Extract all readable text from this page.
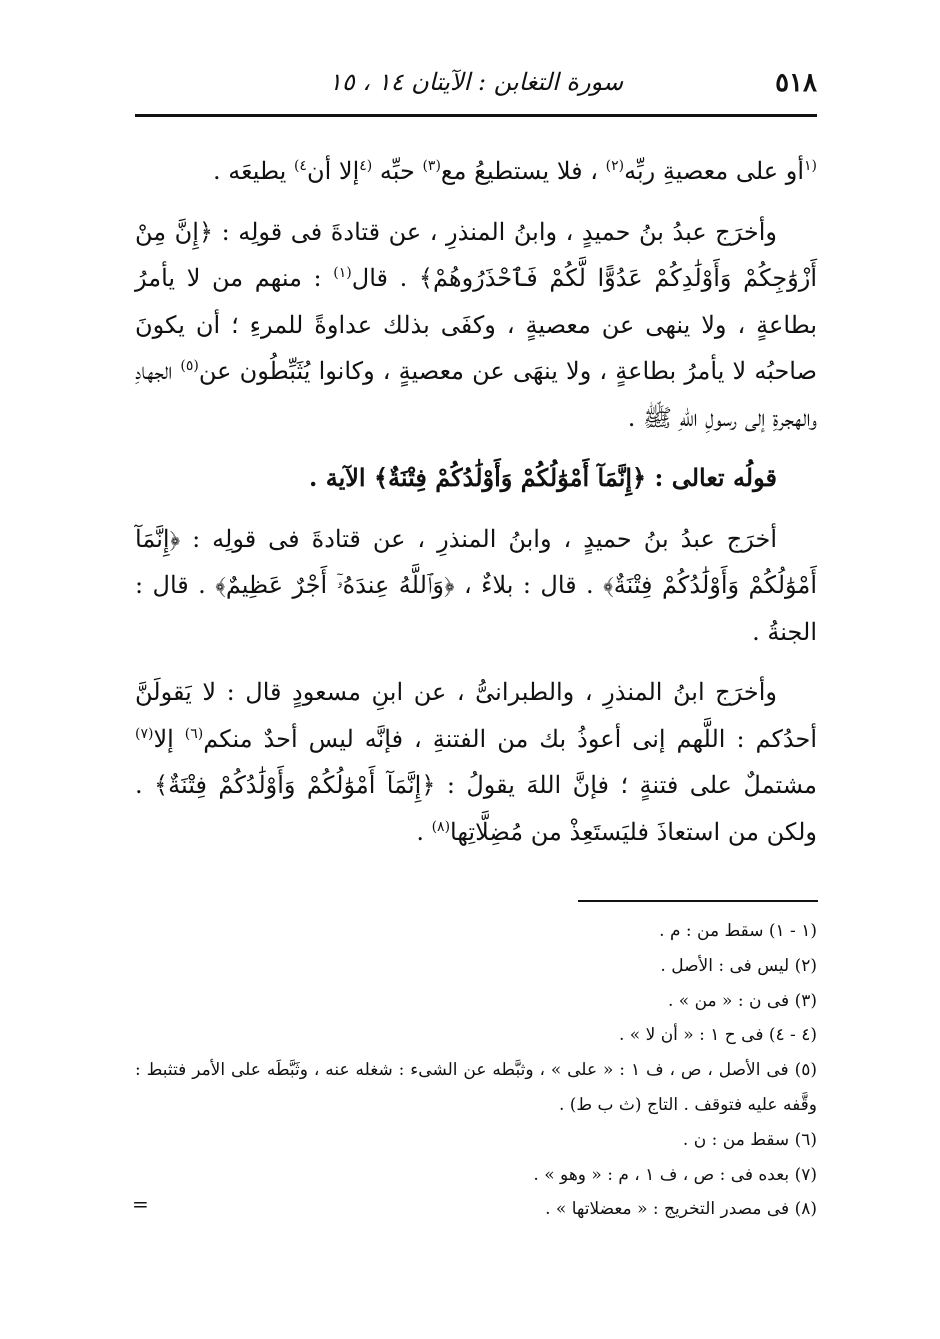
٥١٨
سورة التغابن : الآيتان ١٤ ، ١٥

$^{(١}$أو على معصيةِ ربِّه$^{(٢)}$ ، فلا يستطيعُ مع$^{(٣)}$ حبِّه $^{(٤}$إلا أن$^{٤)}$ يطيعَه .

وأخرَج عبدُ بنُ حميدٍ ، وابنُ المنذرِ ، عن قتادةَ فى قولِه : ﴿إِنَّ مِنْ أَزْوَٰجِكُمْ وَأَوْلَٰدِكُمْ عَدُوًّا لَّكُمْ فَٱحْذَرُوهُمْ﴾ . قال$^{(١)}$ : منهم من لا يأمرُ بطاعةٍ ، ولا ينهى عن معصيةٍ ، وكفَى بذلك عداوةً للمرءِ ؛ أن يكونَ صاحبُه لا يأمرُ بطاعةٍ ، ولا ينهَى عن معصيةٍ ، وكانوا يُثَبِّطُون عن$^{(٥)}$ الجهادِ والهجرةِ إلى رسولِ اللهِ ﷺ .

قولُه تعالى : ﴿إِنَّمَآ أَمْوَٰلُكُمْ وَأَوْلَٰدُكُمْ فِتْنَةٌ﴾ الآية .

أخرَج عبدُ بنُ حميدٍ ، وابنُ المنذرِ ، عن قتادةَ فى قولِه : ﴿إِنَّمَآ أَمْوَٰلُكُمْ وَأَوْلَٰدُكُمْ فِتْنَةٌ﴾ . قال : بلاءٌ ، ﴿وَٱللَّهُ عِندَهُۥٓ أَجْرٌ عَظِيمٌ﴾ . قال : الجنةُ .

وأخرَج ابنُ المنذرِ ، والطبرانىُّ ، عن ابنِ مسعودٍ قال : لا يَقولَنَّ أحدُكم : اللَّهم إنى أعوذُ بك من الفتنةِ ، فإنَّه ليس أحدٌ منكم$^{(٦)}$ إلا$^{(٧)}$ مشتملٌ على فتنةٍ ؛ فإنَّ اللهَ يقولُ : ﴿إِنَّمَآ أَمْوَٰلُكُمْ وَأَوْلَٰدُكُمْ فِتْنَةٌ﴾ . ولكن من استعاذَ فليَستَعِذْ من مُضِلَّاتِها$^{(٨)}$ .

(١ - ١) سقط من : م .
(٢) ليس فى : الأصل .
(٣) فى ن : « من » .
(٤ - ٤) فى ح ١ : « أن لا » .
(٥) فى الأصل ، ص ، ف ١ : « على » ، وثبَّطه عن الشىء : شغله عنه ، وثَبَّطَه على الأمر فتثبط : وقَّفه عليه فتوقف . التاج (ث ب ط) .
(٦) سقط من : ن .
(٧) بعده فى : ص ، ف ١ ، م : « وهو » .
(٨) فى مصدر التخريج : « معضلاتها » .
=
